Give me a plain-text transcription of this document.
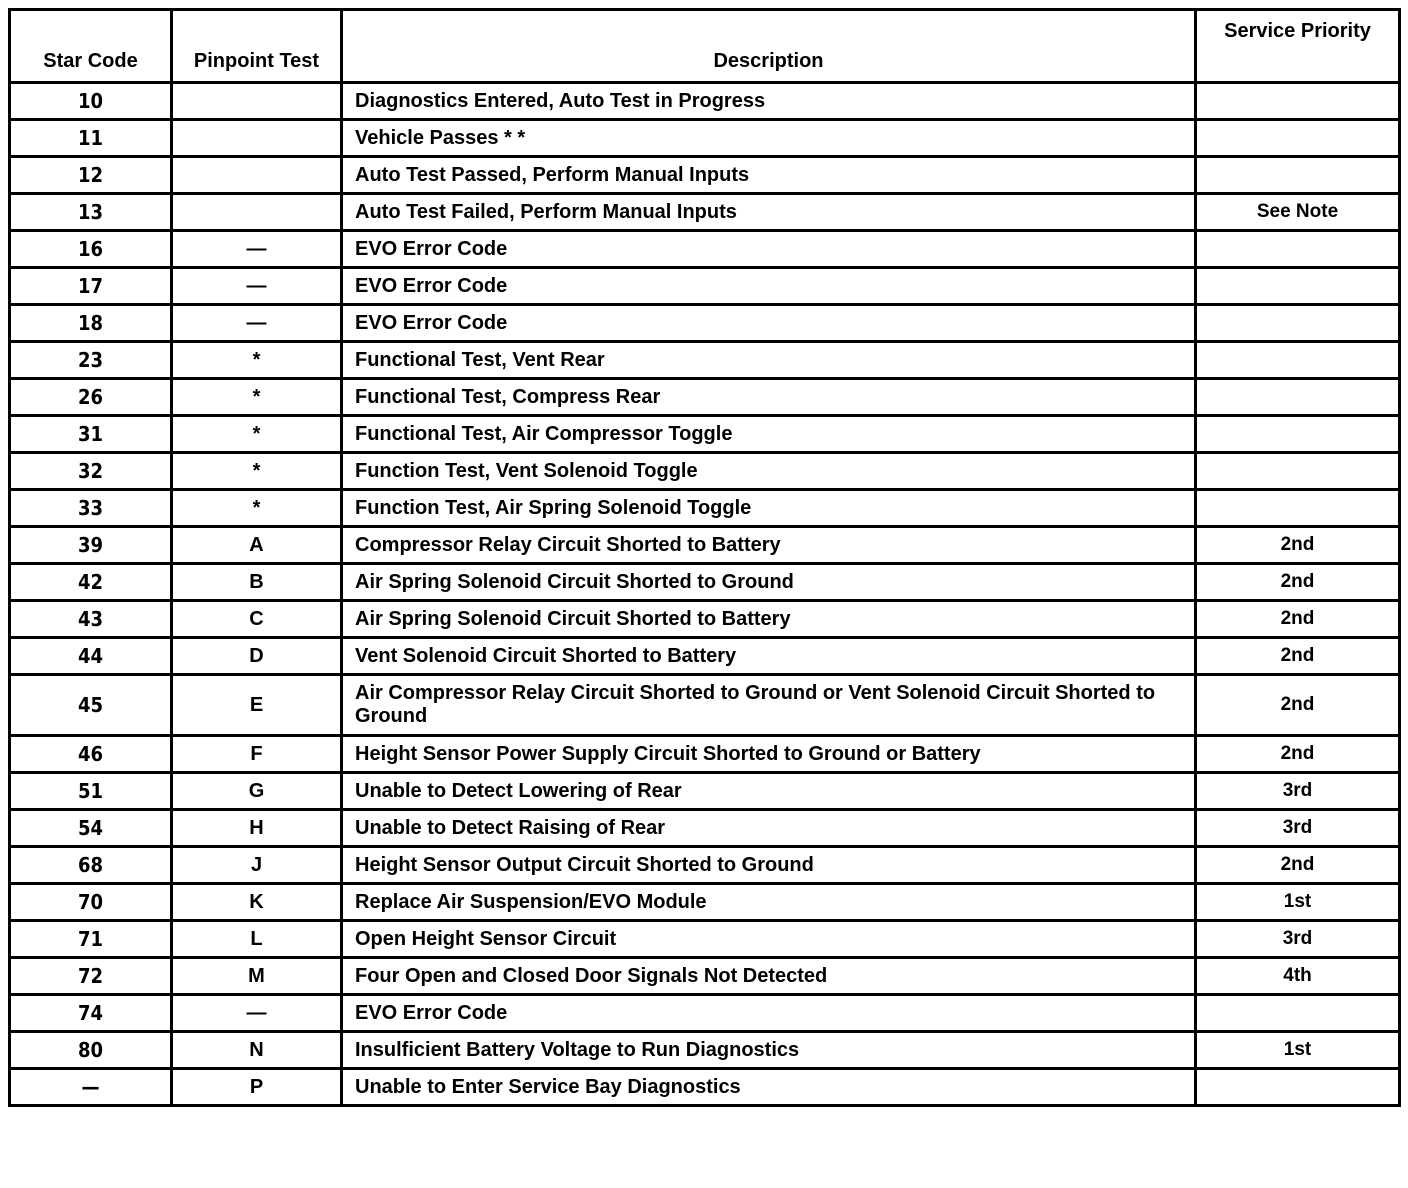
Star Code	Pinpoint Test	Description	Service Priority
10		Diagnostics Entered, Auto Test in Progress	
11		Vehicle Passes * *	
12		Auto Test Passed, Perform Manual Inputs	
13		Auto Test Failed, Perform Manual Inputs	See Note
16	—	EVO Error Code	
17	—	EVO Error Code	
18	—	EVO Error Code	
23	*	Functional Test, Vent Rear	
26	*	Functional Test, Compress Rear	
31	*	Functional Test, Air Compressor Toggle	
32	*	Function Test, Vent Solenoid Toggle	
33	*	Function Test, Air Spring Solenoid Toggle	
39	A	Compressor Relay Circuit Shorted to Battery	2nd
42	B	Air Spring Solenoid Circuit Shorted to Ground	2nd
43	C	Air Spring Solenoid Circuit Shorted to Battery	2nd
44	D	Vent Solenoid Circuit Shorted to Battery	2nd
45	E	Air Compressor Relay Circuit Shorted to Ground or Vent Solenoid Circuit Shorted to Ground	2nd
46	F	Height Sensor Power Supply Circuit Shorted to Ground or Battery	2nd
51	G	Unable to Detect Lowering of Rear	3rd
54	H	Unable to Detect Raising of Rear	3rd
68	J	Height Sensor Output Circuit Shorted to Ground	2nd
70	K	Replace Air Suspension/EVO Module	1st
71	L	Open Height Sensor Circuit	3rd
72	M	Four Open and Closed Door Signals Not Detected	4th
74	—	EVO Error Code	
80	N	Insulficient Battery Voltage to Run Diagnostics	1st
—	P	Unable to Enter Service Bay Diagnostics	
